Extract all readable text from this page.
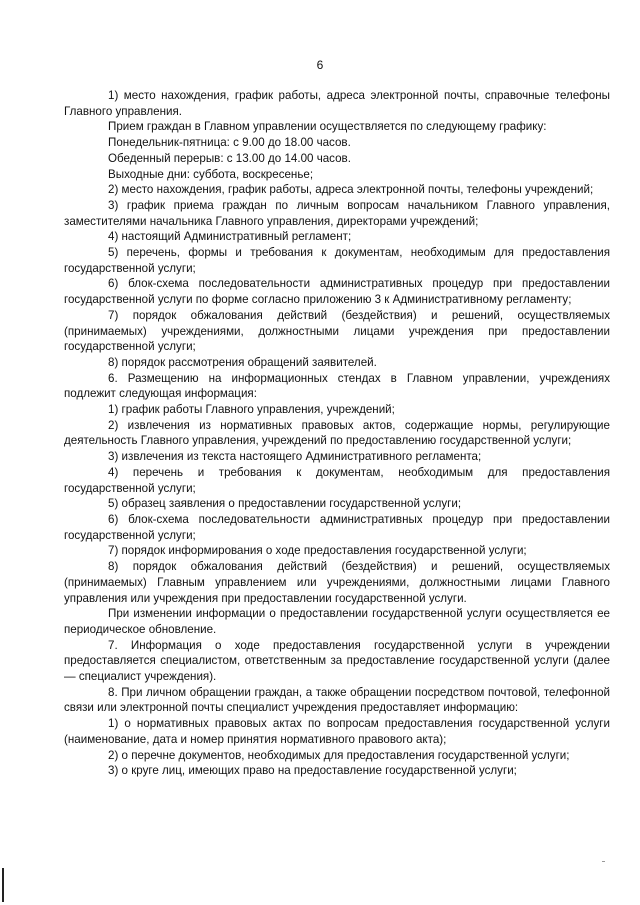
6

1) место нахождения, график работы, адреса электронной почты, справочные телефоны Главного управления.

Прием граждан в Главном управлении осуществляется по следующему графику:

Понедельник-пятница: с 9.00 до 18.00 часов.

Обеденный перерыв: с 13.00 до 14.00 часов.

Выходные дни: суббота, воскресенье;

2) место нахождения, график работы, адреса электронной почты, телефоны учреждений;

3) график приема граждан по личным вопросам начальником Главного управления, заместителями начальника Главного управления, директорами учреждений;

4) настоящий Административный регламент;

5) перечень, формы и требования к документам, необходимым для предоставления государственной услуги;

6) блок-схема последовательности административных процедур при предоставлении государственной услуги по форме согласно приложению 3 к Административному регламенту;

7) порядок обжалования действий (бездействия) и решений, осуществляемых (принимаемых) учреждениями, должностными лицами учреждения при предоставлении государственной услуги;

8) порядок рассмотрения обращений заявителей.

6. Размещению на информационных стендах в Главном управлении, учреждениях подлежит следующая информация:

1) график работы Главного управления, учреждений;

2) извлечения из нормативных правовых актов, содержащие нормы, регулирующие деятельность Главного управления, учреждений по предоставлению государственной услуги;

3) извлечения из текста настоящего Административного регламента;

4) перечень и требования к документам, необходимым для предоставления государственной услуги;

5) образец заявления о предоставлении государственной услуги;

6) блок-схема последовательности административных процедур при предоставлении государственной услуги;

7) порядок информирования о ходе предоставления государственной услуги;

8) порядок обжалования действий (бездействия) и решений, осуществляемых (принимаемых) Главным управлением или учреждениями, должностными лицами Главного управления или учреждения при предоставлении государственной услуги.

При изменении информации о предоставлении государственной услуги осуществляется ее периодическое обновление.

7. Информация о ходе предоставления государственной услуги в учреждении предоставляется специалистом, ответственным за предоставление государственной услуги (далее — специалист учреждения).

8. При личном обращении граждан, а также обращении посредством почтовой, телефонной связи или электронной почты специалист учреждения предоставляет информацию:

1) о нормативных правовых актах по вопросам предоставления государственной услуги (наименование, дата и номер принятия нормативного правового акта);

2) о перечне документов, необходимых для предоставления государственной услуги;

3) о круге лиц, имеющих право на предоставление государственной услуги;
